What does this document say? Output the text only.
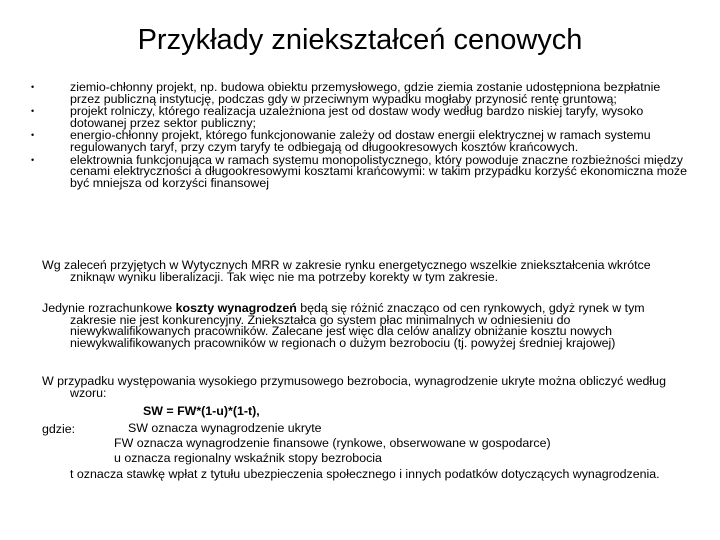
Przykłady zniekształceń cenowych
•	ziemio-chłonny projekt, np. budowa obiektu przemysłowego, gdzie ziemia zostanie udostępniona bezpłatnie przez publiczną instytucję, podczas gdy w przeciwnym wypadku mogłaby przynosić rentę gruntową;
•	projekt rolniczy, którego realizacja uzależniona jest od dostaw wody według bardzo niskiej taryfy, wysoko dotowanej przez sektor publiczny;
•	energio-chłonny projekt, którego funkcjonowanie zależy od dostaw energii elektrycznej w ramach systemu regulowanych taryf, przy czym taryfy te odbiegają od długookresowych kosztów krańcowych.
•	elektrownia funkcjonująca w ramach systemu monopolistycznego, który powoduje znaczne rozbieżności między cenami elektryczności a długookresowymi kosztami krańcowymi: w takim przypadku korzyść ekonomiczna może być mniejsza od korzyści finansowej
Wg zaleceń przyjętych w Wytycznych MRR w zakresie rynku energetycznego wszelkie zniekształcenia wkrótce zniknąw wyniku liberalizacji. Tak więc nie ma potrzeby korekty w tym zakresie.
Jedynie rozrachunkowe koszty wynagrodzeń będą się różnić znacząco od cen rynkowych, gdyż rynek w tym zakresie nie jest konkurencyjny. Zniekształca go system płac minimalnych w odniesieniu do niewykwalifikowanych pracowników. Zalecane jest więc dla celów analizy obniżanie kosztu nowych niewykwalifikowanych pracowników w regionach o dużym bezrobociu (tj. powyżej średniej krajowej)
W przypadku występowania wysokiego przymusowego bezrobocia, wynagrodzenie ukryte można obliczyć według wzoru:
SW = FW*(1-u)*(1-t),
gdzie:	SW oznacza wynagrodzenie ukryte
FW oznacza wynagrodzenie finansowe (rynkowe, obserwowane w gospodarce)
u oznacza regionalny wskaźnik stopy bezrobocia
t oznacza stawkę wpłat z tytułu ubezpieczenia społecznego i innych podatków dotyczących wynagrodzenia.
